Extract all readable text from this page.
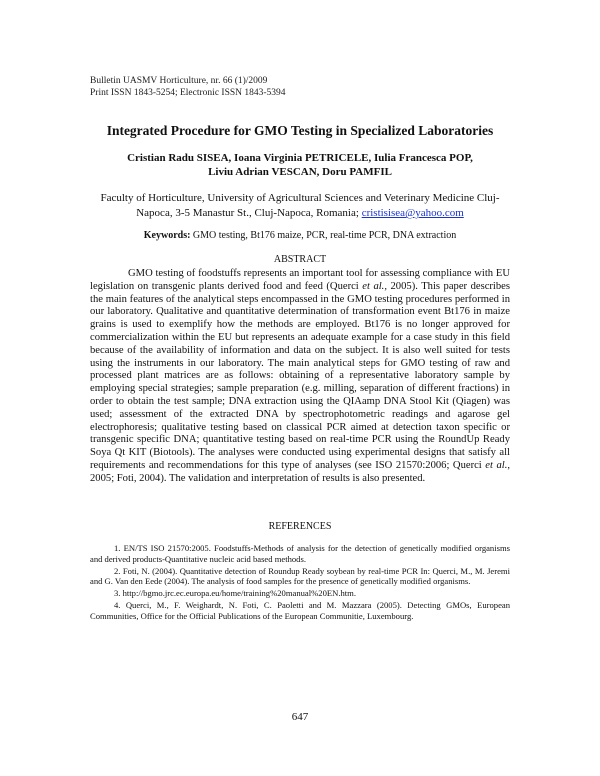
Bulletin UASMV Horticulture, nr. 66 (1)/2009
Print ISSN 1843-5254; Electronic ISSN 1843-5394
Integrated Procedure for GMO Testing in Specialized Laboratories
Cristian Radu SISEA, Ioana Virginia PETRICELE, Iulia Francesca POP,
Liviu Adrian VESCAN, Doru PAMFIL
Faculty of Horticulture, University of Agricultural Sciences and Veterinary Medicine Cluj-Napoca, 3-5 Manastur St., Cluj-Napoca, Romania; cristisisea@yahoo.com
Keywords: GMO testing, Bt176 maize, PCR, real-time PCR, DNA extraction
ABSTRACT

GMO testing of foodstuffs represents an important tool for assessing compliance with EU legislation on transgenic plants derived food and feed (Querci et al., 2005). This paper describes the main features of the analytical steps encompassed in the GMO testing procedures performed in our laboratory. Qualitative and quantitative determination of transformation event Bt176 in maize grains is used to exemplify how the methods are employed. Bt176 is no longer approved for commercialization within the EU but represents an adequate example for a case study in this field because of the availability of information and data on the subject. It is also well suited for tests using the instruments in our laboratory. The main analytical steps for GMO testing of raw and processed plant matrices are as follows: obtaining of a representative laboratory sample by employing special strategies; sample preparation (e.g. milling, separation of different fractions) in order to obtain the test sample; DNA extraction using the QIAamp DNA Stool Kit (Qiagen) was used; assessment of the extracted DNA by spectrophotometric readings and agarose gel electrophoresis; qualitative testing based on classical PCR aimed at detection taxon specific or transgenic specific DNA; quantitative testing based on real-time PCR using the RoundUp Ready Soya Qt KIT (Biotools). The analyses were conducted using experimental designs that satisfy all requirements and recommendations for this type of analyses (see ISO 21570:2006; Querci et al., 2005; Foti, 2004). The validation and interpretation of results is also presented.

REFERENCES
1. EN/TS ISO 21570:2005. Foodstuffs-Methods of analysis for the detection of genetically modified organisms and derived products-Quantitative nucleic acid based methods.
2. Foti, N. (2004). Quantitative detection of Roundup Ready soybean by real-time PCR In: Querci, M., M. Jeremi and G. Van den Eede (2004). The analysis of food samples for the presence of genetically modified organisms.
3. http://bgmo.jrc.ec.europa.eu/home/training%20manual%20EN.htm.
4. Querci, M., F. Weighardt, N. Foti, C. Paoletti and M. Mazzara (2005). Detecting GMOs, European Communities, Office for the Official Publications of the European Communitie, Luxembourg.
647
